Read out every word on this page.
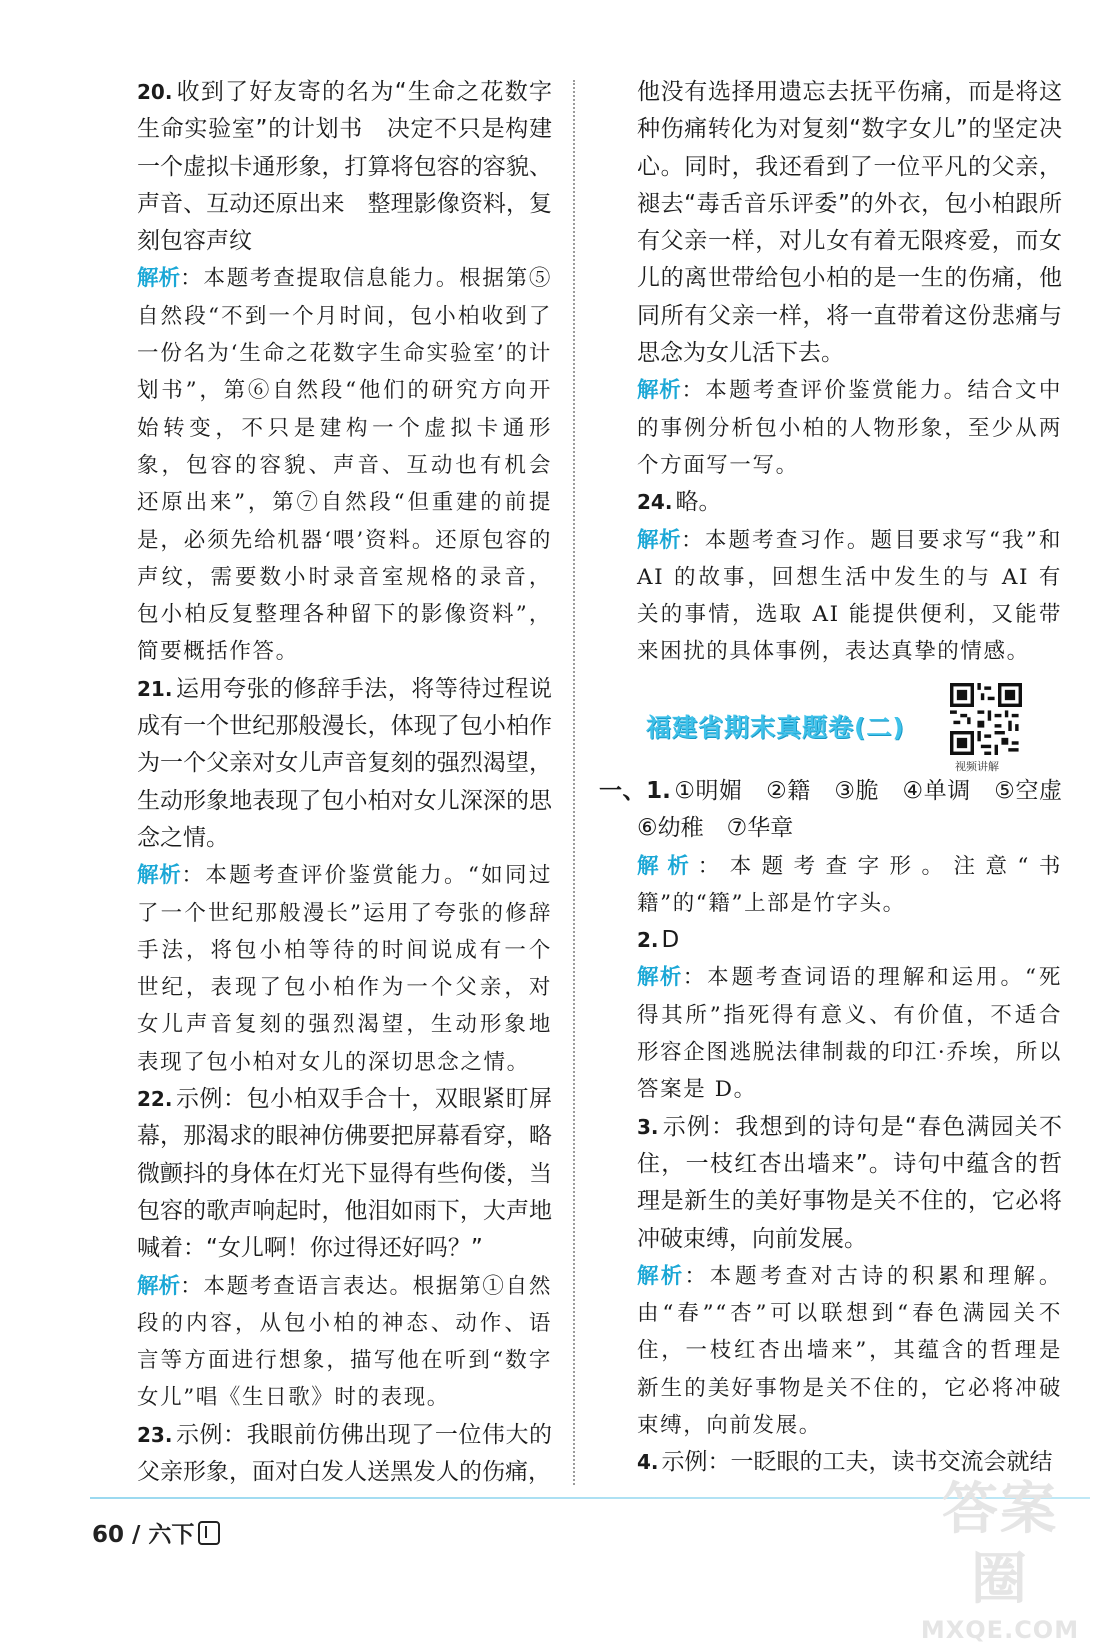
20. 收到了好友寄的名为“生命之花数字生命实验室”的计划书　决定不只是构建一个虚拟卡通形象，打算将包容的容貌、声音、互动还原出来　整理影像资料，复刻包容声纹

解析：本题考查提取信息能力。根据第⑤自然段“不到一个月时间，包小柏收到了一份名为‘生命之花数字生命实验室’的计划书”，第⑥自然段“他们的研究方向开始转变，不只是建构一个虚拟卡通形象，包容的容貌、声音、互动也有机会还原出来”，第⑦自然段“但重建的前提是，必须先给机器‘喂’资料。还原包容的声纹，需要数小时录音室规格的录音，包小柏反复整理各种留下的影像资料”，简要概括作答。

21. 运用夸张的修辞手法，将等待过程说成有一个世纪那般漫长，体现了包小柏作为一个父亲对女儿声音复刻的强烈渴望，生动形象地表现了包小柏对女儿深深的思念之情。

解析：本题考查评价鉴赏能力。“如同过了一个世纪那般漫长”运用了夸张的修辞手法，将包小柏等待的时间说成有一个世纪，表现了包小柏作为一个父亲，对女儿声音复刻的强烈渴望，生动形象地表现了包小柏对女儿的深切思念之情。

22. 示例：包小柏双手合十，双眼紧盯屏幕，那渴求的眼神仿佛要把屏幕看穿，略微颤抖的身体在灯光下显得有些佝偻，当包容的歌声响起时，他泪如雨下，大声地喊着：“女儿啊！你过得还好吗？”

解析：本题考查语言表达。根据第①自然段的内容，从包小柏的神态、动作、语言等方面进行想象，描写他在听到“数字女儿”唱《生日歌》时的表现。

23. 示例：我眼前仿佛出现了一位伟大的父亲形象，面对白发人送黑发人的伤痛，

他没有选择用遗忘去抚平伤痛，而是将这种伤痛转化为对复刻“数字女儿”的坚定决心。同时，我还看到了一位平凡的父亲，褪去“毒舌音乐评委”的外衣，包小柏跟所有父亲一样，对儿女有着无限疼爱，而女儿的离世带给包小柏的是一生的伤痛，他同所有父亲一样，将一直带着这份悲痛与思念为女儿活下去。

解析：本题考查评价鉴赏能力。结合文中的事例分析包小柏的人物形象，至少从两个方面写一写。

24. 略。

解析：本题考查习作。题目要求写“我”和 AI 的故事，回想生活中发生的与 AI 有关的事情，选取 AI 能提供便利，又能带来困扰的具体事例，表达真挚的情感。

福建省期末真题卷(二)
视频讲解

一、1. ①明媚　②籍　③脆　④单调　⑤空虚　⑥幼稚　⑦华章

解析：本题考查字形。注意“书籍”的“籍”上部是竹字头。

2. D

解析：本题考查词语的理解和运用。“死得其所”指死得有意义、有价值，不适合形容企图逃脱法律制裁的印江·乔埃，所以答案是 D。

3. 示例：我想到的诗句是“春色满园关不住，一枝红杏出墙来”。诗句中蕴含的哲理是新生的美好事物是关不住的，它必将冲破束缚，向前发展。

解析：本题考查对古诗的积累和理解。由“春”“杏”可以联想到“春色满园关不住，一枝红杏出墙来”，其蕴含的哲理是新生的美好事物是关不住的，它必将冲破束缚，向前发展。

4. 示例：一眨眼的工夫，读书交流会就结

60 / 六下	答案圈
MXQE.COM
